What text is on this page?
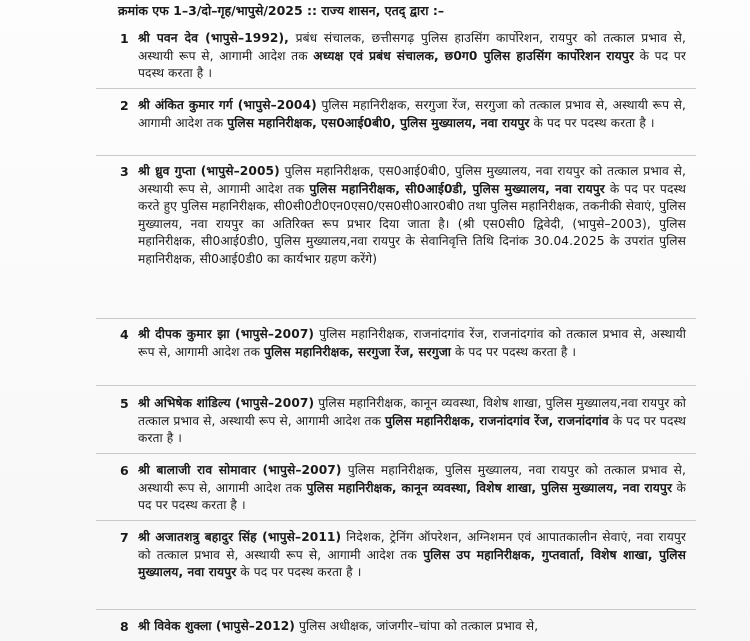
क्रमांक एफ 1–3/दो–गृह/भापुसे/2025 :: राज्य शासन, एतद्‌ द्वारा :–
1 श्री पवन देव (भापुसे–1992), प्रबंध संचालक, छत्तीसगढ़ पुलिस हाउसिंग कार्पोरेशन, रायपुर को तत्काल प्रभाव से, अस्थायी रूप से, आगामी आदेश तक अध्यक्ष एवं प्रबंध संचालक, छ0ग0 पुलिस हाउसिंग कार्पोरेशन रायपुर के पद पर पदस्थ करता है ।
2 श्री अंकित कुमार गर्ग (भापुसे–2004) पुलिस महानिरीक्षक, सरगुजा रेंज, सरगुजा को तत्काल प्रभाव से, अस्थायी रूप से, आगामी आदेश तक पुलिस महानिरीक्षक, एस0आई0बी0, पुलिस मुख्यालय, नवा रायपुर के पद पर पदस्थ करता है ।
3 श्री ध्रुव गुप्ता (भापुसे–2005) पुलिस महानिरीक्षक, एस0आई0बी0, पुलिस मुख्यालय, नवा रायपुर को तत्काल प्रभाव से, अस्थायी रूप से, आगामी आदेश तक पुलिस महानिरीक्षक, सी0आई0डी, पुलिस मुख्यालय, नवा रायपुर के पद पर पदस्थ करते हुए पुलिस महानिरीक्षक, सी0सी0टी0एन0एस0/एस0सी0आर0बी0 तथा पुलिस महानिरीक्षक, तकनीकी सेवाएं, पुलिस मुख्यालय, नवा रायपुर का अतिरिक्त रूप प्रभार दिया जाता है। (श्री एस0सी0 द्विवेदी, (भापुसे–2003), पुलिस महानिरीक्षक, सी0आई0डी0, पुलिस मुख्यालय,नवा रायपुर के सेवानिवृत्ति तिथि दिनांक 30.04.2025 के उपरांत पुलिस महानिरीक्षक, सी0आई0डी0 का कार्यभार ग्रहण करेंगे)
4 श्री दीपक कुमार झा (भापुसे–2007) पुलिस महानिरीक्षक, राजनांदगांव रेंज, राजनांदगांव को तत्काल प्रभाव से, अस्थायी रूप से, आगामी आदेश तक पुलिस महानिरीक्षक, सरगुजा रेंज, सरगुजा के पद पर पदस्थ करता है ।
5 श्री अभिषेक शांडिल्य (भापुसे–2007) पुलिस महानिरीक्षक, कानून व्यवस्था, विशेष शाखा, पुलिस मुख्यालय,नवा रायपुर को तत्काल प्रभाव से, अस्थायी रूप से, आगामी आदेश तक पुलिस महानिरीक्षक, राजनांदगांव रेंज, राजनांदगांव के पद पर पदस्थ करता है ।
6 श्री बालाजी राव सोमावार (भापुसे–2007) पुलिस महानिरीक्षक, पुलिस मुख्यालय, नवा रायपुर को तत्काल प्रभाव से, अस्थायी रूप से, आगामी आदेश तक पुलिस महानिरीक्षक, कानून व्यवस्था, विशेष शाखा, पुलिस मुख्यालय, नवा रायपुर के पद पर पदस्थ करता है ।
7 श्री अजातशत्रु बहादुर सिंह (भापुसे–2011) निदेशक, ट्रेनिंग ऑपरेशन, अग्निशमन एवं आपातकालीन सेवाएं, नवा रायपुर को तत्काल प्रभाव से, अस्थायी रूप से, आगामी आदेश तक पुलिस उप महानिरीक्षक, गुप्तवार्ता, विशेष शाखा, पुलिस मुख्यालय, नवा रायपुर के पद पर पदस्थ करता है ।
8 श्री विवेक शुक्ला (भापुसे–2012) पुलिस अधीक्षक, जांजगीर–चांपा को तत्काल प्रभाव से,
